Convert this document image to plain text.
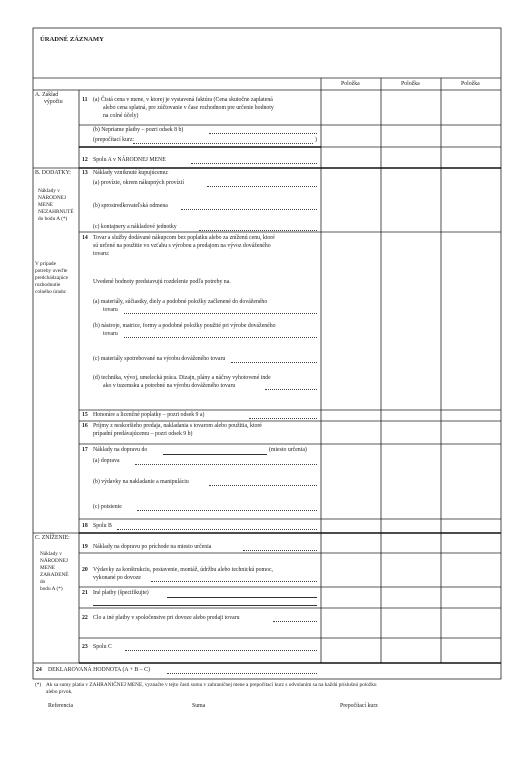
ÚRADNÉ ZÁZNAMY
Položka	Položka	Položka
A. Základ
výpočtu	11 (a) Čistá cena v mene, v ktorej je vystavená faktúra (Cena skutočne zaplatená
alebo cena splatná, pre zúčtovanie v čase rozhodnom pre určenie hodnoty
na colné účely)
(b) Nepriame platby – pozri odsek 8 b)
(prepočítací kurz:	)
12 Spolu A v NÁRODNEJ MENE
B. DODATKY:
Náklady v
NÁRODNEJ
MENE
NEZAHRNUTÉ
do bodu A (*)
V prípade
potreby uveďte
predchádzajúce
rozhodnutie
colného úradu:
13 Náklady vzniknuté kupujúcemu:
(a) provízie, okrem nákupných provízií
(b) sprostredkovateľská odmena
(c) kontajnery a nákladové jednotky
14 Tovar a služby dodávané nákupcom bez poplatku alebo za zníženú cenu, ktoré
sú určené na použitie vo vzťahu s výrobou a predajom na vývoz dováženého
tovaru:
Uvedené hodnoty predstavujú rozdelenie podľa potreby na.
(a) materiály, súčiastky, diely a podobné položky začlenené do dováženého
tovaru
(b) nástroje, matrice, formy a podobné položky použité pri výrobe dováženého
tovaru
(c) materiály spotrebované na výrobu dováženého tovaru
(d) technika, vývoj, umelecká práca. Dizajn, plány a náčrsy vyhotovené inde
ako v tuzemsku a potrebné na výrobu dováženého tovaru
15 Honoráre a licenčné poplatky – pozri odsek 9 a)
16 Príjmy z neskoršieho predaja, nakladania s tovarom alebo použitia, ktoré
prípadní predávajúcemu – pozri odsek 9 b)
17 Náklady na dopravu do	(miesto určenia)
(a) doprava
(b) výdavky na nakladanie a manipuláciu
(c) poistenie
18 Spolu B
C. ZNÍŽENIE:
Náklady v
NÁRODNEJ
MENE
ZARADENÉ
do
bodu A (*)
19 Náklady na dopravu po príchode na miesto určenia
20 Výdavky za konštrukciu, postavenie, montáž, údržbu alebo technickú pomoc,
vykonané po dovoze
21 Iné platby (špecifikujte)
22 Clo a iné platby v spoločenstve pri dovoze alebo predaji tovaru
23 Spolu C
24 DEKLAROVANÁ HODNOTA (A + B – C)
(*) Ak sa sumy platia v ZAHRANIČNEJ MENE, vyznačte v tejto časti sumu v zahraničnej mene a prepočítací kurz s odvolaním sa na každú príslušnú položku
alebo prvok.
Referencia	Suma	Prepočítací kurz
